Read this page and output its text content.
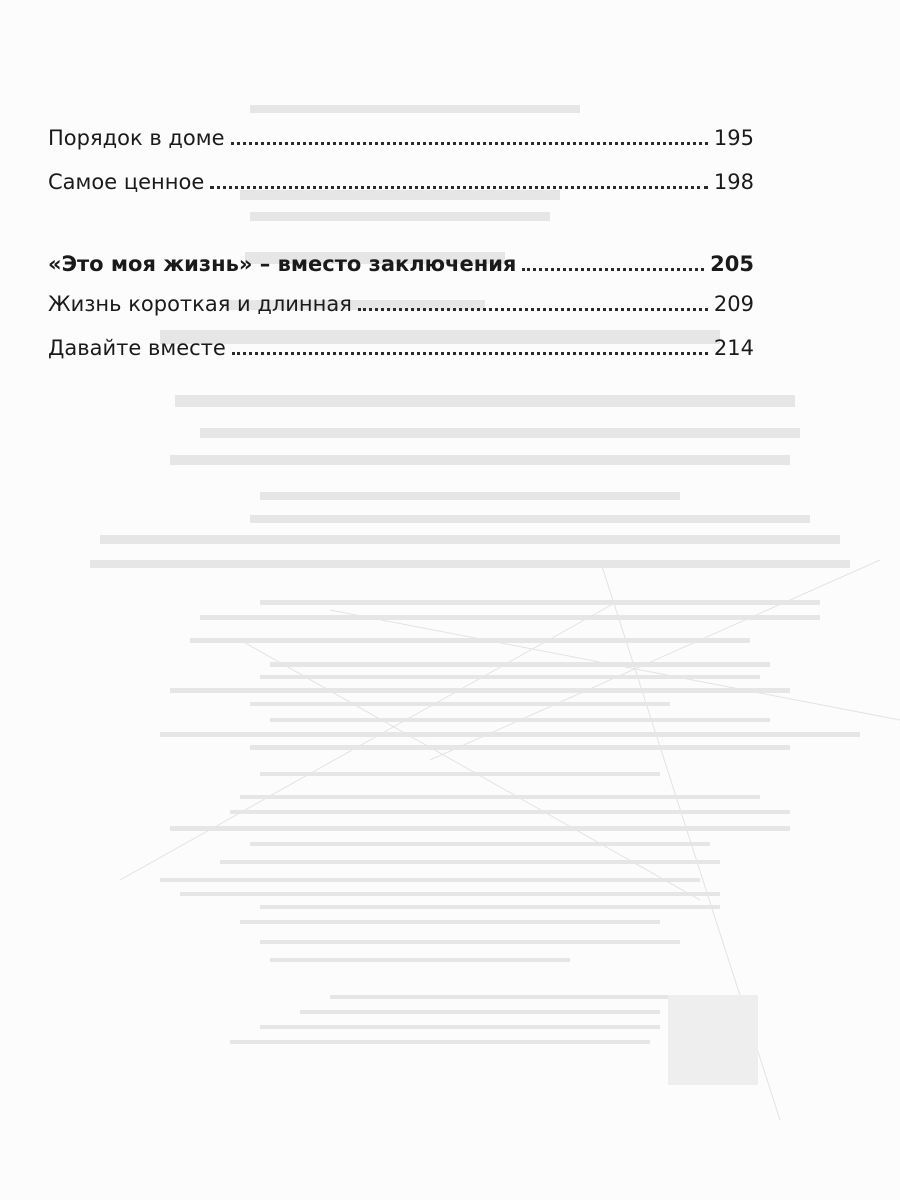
Порядок в доме	195
Самое ценное	198
«Это моя жизнь» – вместо заключения	205
Жизнь короткая и длинная	209
Давайте вместе	214
